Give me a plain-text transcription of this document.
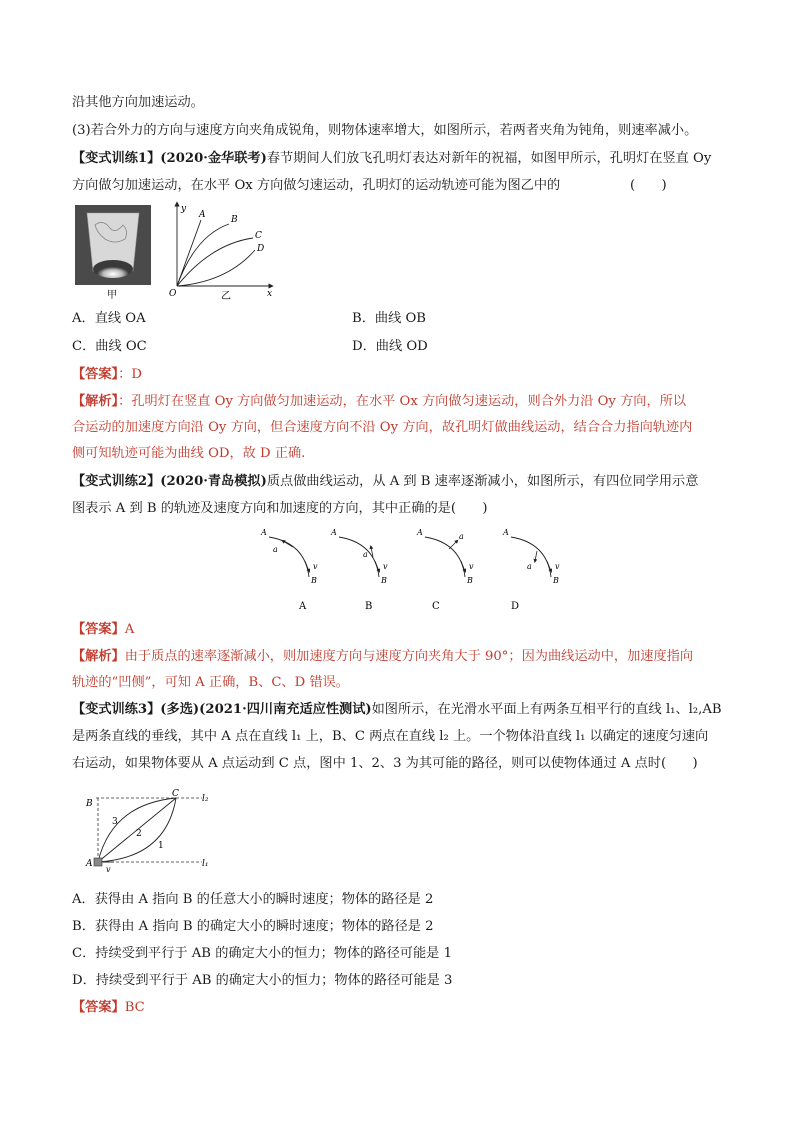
沿其他方向加速运动。
(3)若合外力的方向与速度方向夹角成锐角，则物体速率增大，如图所示，若两者夹角为钝角，则速率减小。
【变式训练1】(2020·金华联考)春节期间人们放飞孔明灯表达对新年的祝福，如图甲所示，孔明灯在竖直 Oy
方向做匀加速运动，在水平 Ox 方向做匀速运动，孔明灯的运动轨迹可能为图乙中的	(　　)
甲
y
x
O
A	B
C
D
乙
A．直线 OA	B．曲线 OB
C．曲线 OC	D．曲线 OD
【答案】：D
【解析】：孔明灯在竖直 Oy 方向做匀加速运动，在水平 Ox 方向做匀速运动，则合外力沿 Oy 方向，所以
合运动的加速度方向沿 Oy 方向，但合速度方向不沿 Oy 方向，故孔明灯做曲线运动，结合合力指向轨迹内
侧可知轨迹可能为曲线 OD，故 D 正确.
【变式训练2】(2020·青岛模拟)质点做曲线运动，从 A 到 B 速率逐渐减小，如图所示，有四位同学用示意
图表示 A 到 B 的轨迹及速度方向和加速度的方向，其中正确的是(　　)
A
B
a
v
A
A
B
a
v
B
A
B
a
v
C
A
B
a	v
D
【答案】A
【解析】由于质点的速率逐渐减小，则加速度方向与速度方向夹角大于 90°；因为曲线运动中，加速度指向
轨迹的“凹侧”，可知 A 正确，B、C、D 错误。
【变式训练3】(多选)(2021·四川南充适应性测试)如图所示，在光滑水平面上有两条互相平行的直线 l₁、l₂,AB
是两条直线的垂线，其中 A 点在直线 l₁ 上，B、C 两点在直线 l₂ 上。一个物体沿直线 l₁ 以确定的速度匀速向
右运动，如果物体要从 A 点运动到 C 点，图中 1、2、3 为其可能的路径，则可以使物体通过 A 点时(　　)
B
C
A
l₂
l₁
3
2
1
v
A．获得由 A 指向 B 的任意大小的瞬时速度；物体的路径是 2
B．获得由 A 指向 B 的确定大小的瞬时速度；物体的路径是 2
C．持续受到平行于 AB 的确定大小的恒力；物体的路径可能是 1
D．持续受到平行于 AB 的确定大小的恒力；物体的路径可能是 3
【答案】BC
